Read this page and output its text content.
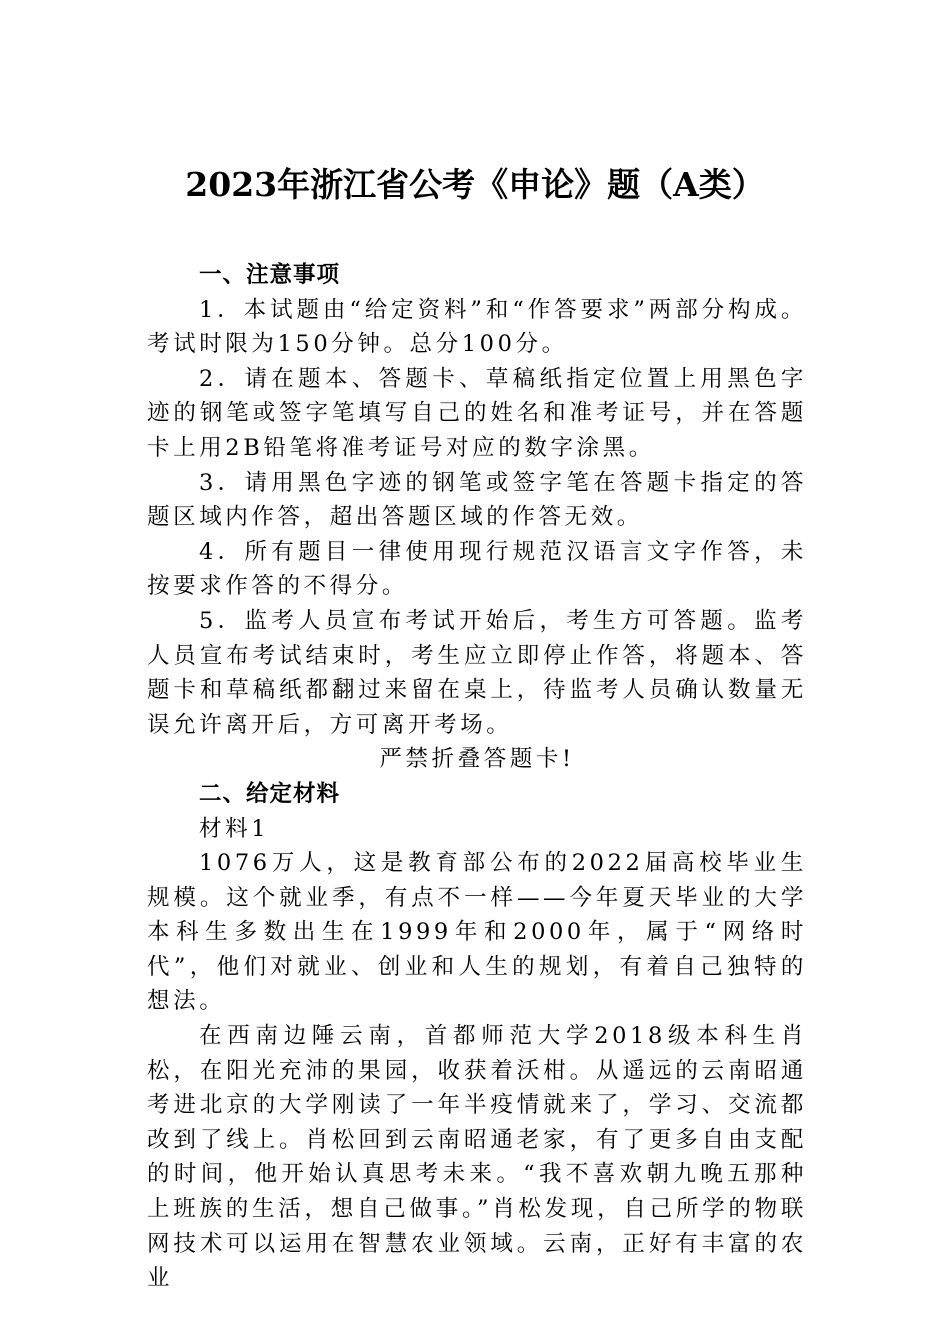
2023年浙江省公考《申论》题（A类）

一、注意事项

1．本试题由“给定资料”和“作答要求”两部分构成。考试时限为150分钟。总分100分。

2．请在题本、答题卡、草稿纸指定位置上用黑色字迹的钢笔或签字笔填写自己的姓名和准考证号，并在答题卡上用2B铅笔将准考证号对应的数字涂黑。

3．请用黑色字迹的钢笔或签字笔在答题卡指定的答题区域内作答，超出答题区域的作答无效。

4．所有题目一律使用现行规范汉语言文字作答，未按要求作答的不得分。

5．监考人员宣布考试开始后，考生方可答题。监考人员宣布考试结束时，考生应立即停止作答，将题本、答题卡和草稿纸都翻过来留在桌上，待监考人员确认数量无误允许离开后，方可离开考场。

严禁折叠答题卡!

二、给定材料

材料1

1076万人，这是教育部公布的2022届高校毕业生规模。这个就业季，有点不一样——今年夏天毕业的大学本科生多数出生在1999年和2000年，属于“网络时代”，他们对就业、创业和人生的规划，有着自己独特的想法。

在西南边陲云南，首都师范大学2018级本科生肖松，在阳光充沛的果园，收获着沃柑。从遥远的云南昭通考进北京的大学刚读了一年半疫情就来了，学习、交流都改到了线上。肖松回到云南昭通老家，有了更多自由支配的时间，他开始认真思考未来。“我不喜欢朝九晚五那种上班族的生活，想自己做事。”肖松发现，自己所学的物联网技术可以运用在智慧农业领域。云南，正好有丰富的农业
